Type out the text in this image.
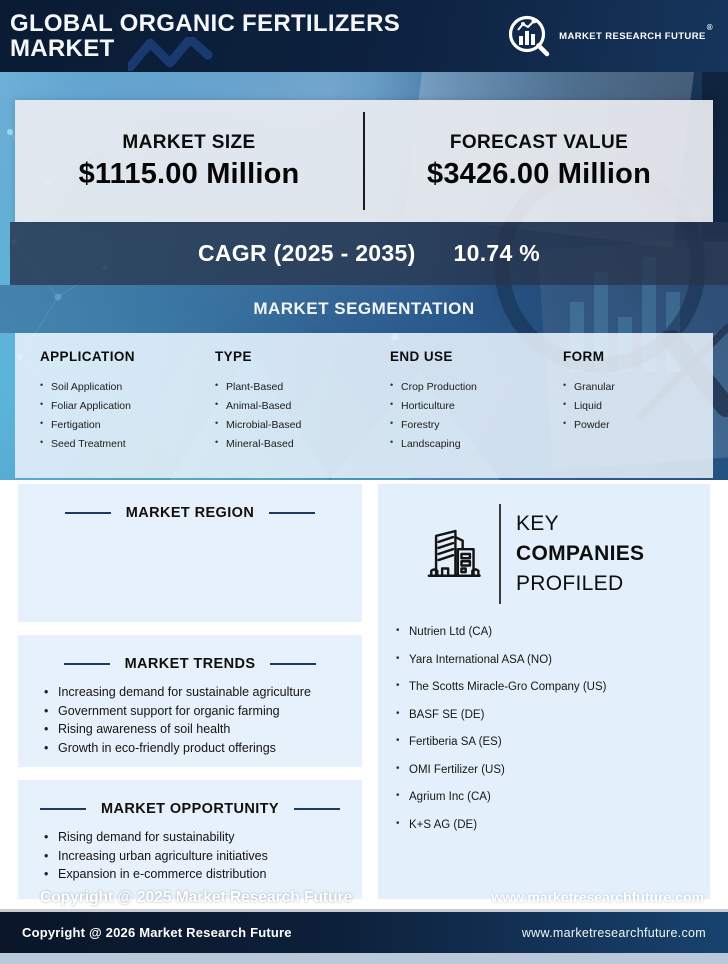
GLOBAL ORGANIC FERTILIZERS
MARKET	MARKET RESEARCH FUTURE®
MARKET SIZE
$1115.00 Million
FORECAST VALUE
$3426.00 Million
CAGR (2025 - 2035) 10.74 %
MARKET SEGMENTATION
APPLICATION
• Soil Application
• Foliar Application
• Fertigation
• Seed Treatment
TYPE
• Plant-Based
• Animal-Based
• Microbial-Based
• Mineral-Based
END USE
• Crop Production
• Horticulture
• Forestry
• Landscaping
FORM
• Granular
• Liquid
• Powder
MARKET REGION
MARKET TRENDS
• Increasing demand for sustainable agriculture
• Government support for organic farming
• Rising awareness of soil health
• Growth in eco-friendly product offerings
MARKET OPPORTUNITY
• Rising demand for sustainability
• Increasing urban agriculture initiatives
• Expansion in e-commerce distribution
KEY
COMPANIES
PROFILED
• Nutrien Ltd (CA)
• Yara International ASA (NO)
• The Scotts Miracle-Gro Company (US)
• BASF SE (DE)
• Fertiberia SA (ES)
• OMI Fertilizer (US)
• Agrium Inc (CA)
• K+S AG (DE)
Copyright @ 2025 Market Research Future	www.marketresearchfuture.com
Copyright @ 2026 Market Research Future	www.marketresearchfuture.com
